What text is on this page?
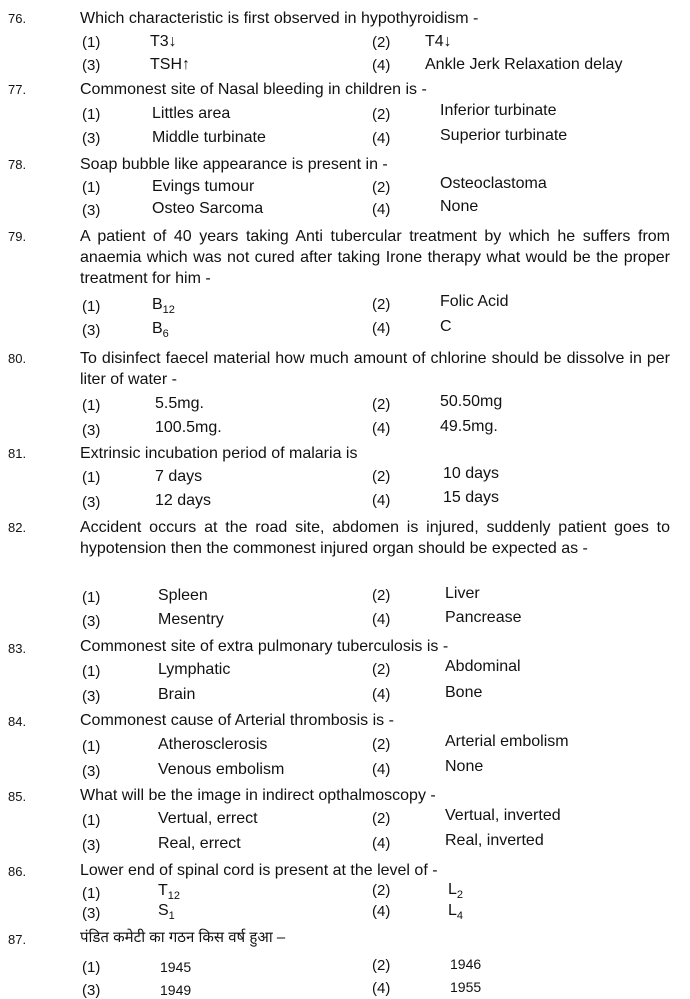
76.	Which characteristic is first observed in hypothyroidism -
(1)	T3↓	(2) T4↓
(3)	TSH↑	(4) Ankle Jerk Relaxation delay
77.	Commonest site of Nasal bleeding in children is -
(1)	Littles area	(2)	Inferior turbinate
(3)	Middle turbinate	(4)	Superior turbinate
78.	Soap bubble like appearance is present in -
(1)	Evings tumour	(2)	Osteoclastoma
(3)	Osteo Sarcoma	(4)	None
79.	A patient of 40 years taking Anti tubercular treatment by which he suffers from anaemia which was not cured after taking Irone therapy what would be the proper treatment for him -
(1)	$B_{12}$	(2)	Folic Acid
(3)	$B_6$	(4)	C
80.	To disinfect faecel material how much amount of chlorine should be dissolve in per liter of water -
(1)	5.5mg.	(2)	50.50mg
(3)	100.5mg.	(4)	49.5mg.
81.	Extrinsic incubation period of malaria is
(1)	7 days	(2)	10 days
(3)	12 days	(4)	15 days
82.	Accident occurs at the road site, abdomen is injured, suddenly patient goes to hypotension then the commonest injured organ should be expected as -
(1)	Spleen	(2)	Liver
(3)	Mesentry	(4)	Pancrease
83.	Commonest site of extra pulmonary tuberculosis is -
(1)	Lymphatic	(2)	Abdominal
(3)	Brain	(4)	Bone
84.	Commonest cause of Arterial thrombosis is -
(1)	Atherosclerosis	(2)	Arterial embolism
(3)	Venous embolism	(4)	None
85.	What will be the image in indirect opthalmoscopy -
(1)	Vertual, errect	(2)	Vertual, inverted
(3)	Real, errect	(4)	Real, inverted
86.	Lower end of spinal cord is present at the level of -
(1)	$T_{12}$	(2)	$L_2$
(3)	$S_1$	(4)	$L_4$
87.	पंडित कमेटी का गठन किस वर्ष हुआ –
(1)	1945	(2)	1946
(3)	1949	(4)	1955
